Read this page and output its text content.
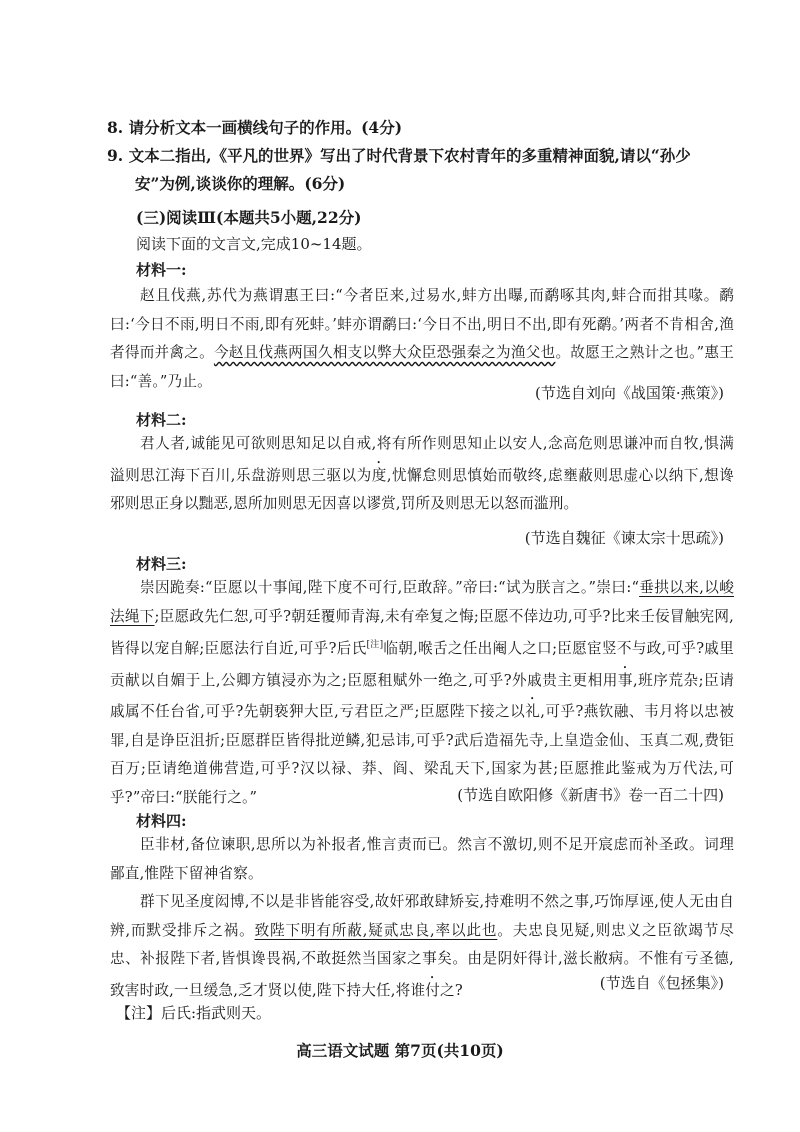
8. 请分析文本一画横线句子的作用。(4分)
9. 文本二指出,《平凡的世界》写出了时代背景下农村青年的多重精神面貌,请以“孙少
安”为例,谈谈你的理解。(6分)
(三)阅读Ⅲ(本题共5小题,22分)
阅读下面的文言文,完成10~14题。
材料一:
赵且伐燕,苏代为燕谓惠王曰:“今者臣来,过易水,蚌方出曝,而鹬啄其肉,蚌合而拑其喙。鹬曰:‘今日不雨,明日不雨,即有死蚌。’蚌亦谓鹬曰:‘今日不出,明日不出,即有死鹬。’两者不肯相舍,渔者得而并禽之。今赵且伐燕两国久相支以弊大众臣恐强秦之为渔父也。故愿王之熟计之也。”惠王曰:“善。”乃止。
(节选自刘向《战国策·燕策》)
材料二:
君人者,诚能见可欲则思知足以自戒,将有所作则思知止以安人,念高危则思谦冲而自牧,惧满溢则思江海下百川,乐盘游则思三驱以为度,忧懈怠则思慎始而敬终,虑壅蔽则思虚心以纳下,想谗邪则思正身以黜恶,恩所加则思无因喜以谬赏,罚所及则思无以怒而滥刑。
(节选自魏征《谏太宗十思疏》)
材料三:
崇因跪奏:“臣愿以十事闻,陛下度不可行,臣敢辞。”帝曰:“试为朕言之。”崇曰:“垂拱以来,以峻法绳下;臣愿政先仁恕,可乎?朝廷覆师青海,未有牵复之悔;臣愿不倖边功,可乎?比来壬佞冒触宪网,皆得以宠自解;臣愿法行自近,可乎?后氏[注]临朝,喉舌之任出阉人之口;臣愿宦竖不与政,可乎?戚里贡献以自媚于上,公卿方镇浸亦为之;臣愿租赋外一绝之,可乎?外戚贵主更相用事,班序荒杂;臣请戚属不任台省,可乎?先朝亵狎大臣,亏君臣之严;臣愿陛下接之以礼,可乎?燕钦融、韦月将以忠被罪,自是诤臣沮折;臣愿群臣皆得批逆鳞,犯忌讳,可乎?武后造福先寺,上皇造金仙、玉真二观,费钜百万;臣请绝道佛营造,可乎?汉以禄、莽、阎、梁乱天下,国家为甚;臣愿推此鉴戒为万代法,可乎?”帝曰:“朕能行之。”	(节选自欧阳修《新唐书》卷一百二十四)
材料四:
臣非材,备位谏职,思所以为补报者,惟言责而已。然言不激切,则不足开宸虑而补圣政。词理鄙直,惟陛下留神省察。
群下见圣度闳博,不以是非皆能容受,故奸邪敢肆矫妄,持难明不然之事,巧饰厚诬,使人无由自辨,而默受排斥之祸。致陛下明有所蔽,疑贰忠良,率以此也。夫忠良见疑,则忠义之臣欲竭节尽忠、补报陛下者,皆惧谗畏祸,不敢挺然当国家之事矣。由是阴奸得计,滋长敝病。不惟有亏圣德,致害时政,一旦缓急,乏才贤以使,陛下持大任,将谁付之?	(节选自《包拯集》)
【注】后氏:指武则天。
高三语文试题 第7页(共10页)
